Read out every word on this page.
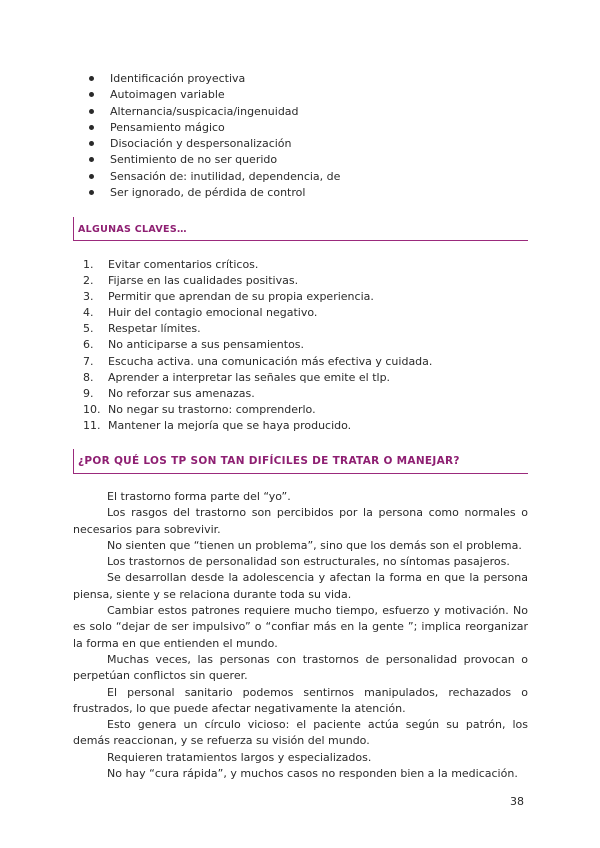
Identificación proyectiva
Autoimagen variable
Alternancia/suspicacia/ingenuidad
Pensamiento mágico
Disociación y despersonalización
Sentimiento de no ser querido
Sensación de: inutilidad, dependencia, de
Ser ignorado, de pérdida de control
ALGUNAS CLAVES…
1.	Evitar comentarios críticos.
2.	Fijarse en las cualidades positivas.
3.	Permitir que aprendan de su propia experiencia.
4.	Huir del contagio emocional negativo.
5.	Respetar límites.
6.	No anticiparse a sus pensamientos.
7.	Escucha activa. una comunicación más efectiva y cuidada.
8.	Aprender a interpretar las señales que emite el tlp.
9.	No reforzar sus amenazas.
10. No negar su trastorno: comprenderlo.
11. Mantener la mejoría que se haya producido.
¿POR QUÉ LOS TP SON TAN DIFÍCILES DE TRATAR O MANEJAR?

El trastorno forma parte del “yo”.

Los rasgos del trastorno son percibidos por la persona como normales o necesarios para sobrevivir.

No sienten que “tienen un problema”, sino que los demás son el problema.

Los trastornos de personalidad son estructurales, no síntomas pasajeros.

Se desarrollan desde la adolescencia y afectan la forma en que la persona piensa, siente y se relaciona durante toda su vida.

Cambiar estos patrones requiere mucho tiempo, esfuerzo y motivación. No es solo “dejar de ser impulsivo” o “confiar más en la gente ”; implica reorganizar la forma en que entienden el mundo.

Muchas veces, las personas con trastornos de personalidad provocan o perpetúan conflictos sin querer.

El personal sanitario podemos sentirnos manipulados, rechazados o frustrados, lo que puede afectar negativamente la atención.

Esto genera un círculo vicioso: el paciente actúa según su patrón, los demás reaccionan, y se refuerza su visión del mundo.

Requieren tratamientos largos y especializados.

No hay “cura rápida”, y muchos casos no responden bien a la medicación.

38
